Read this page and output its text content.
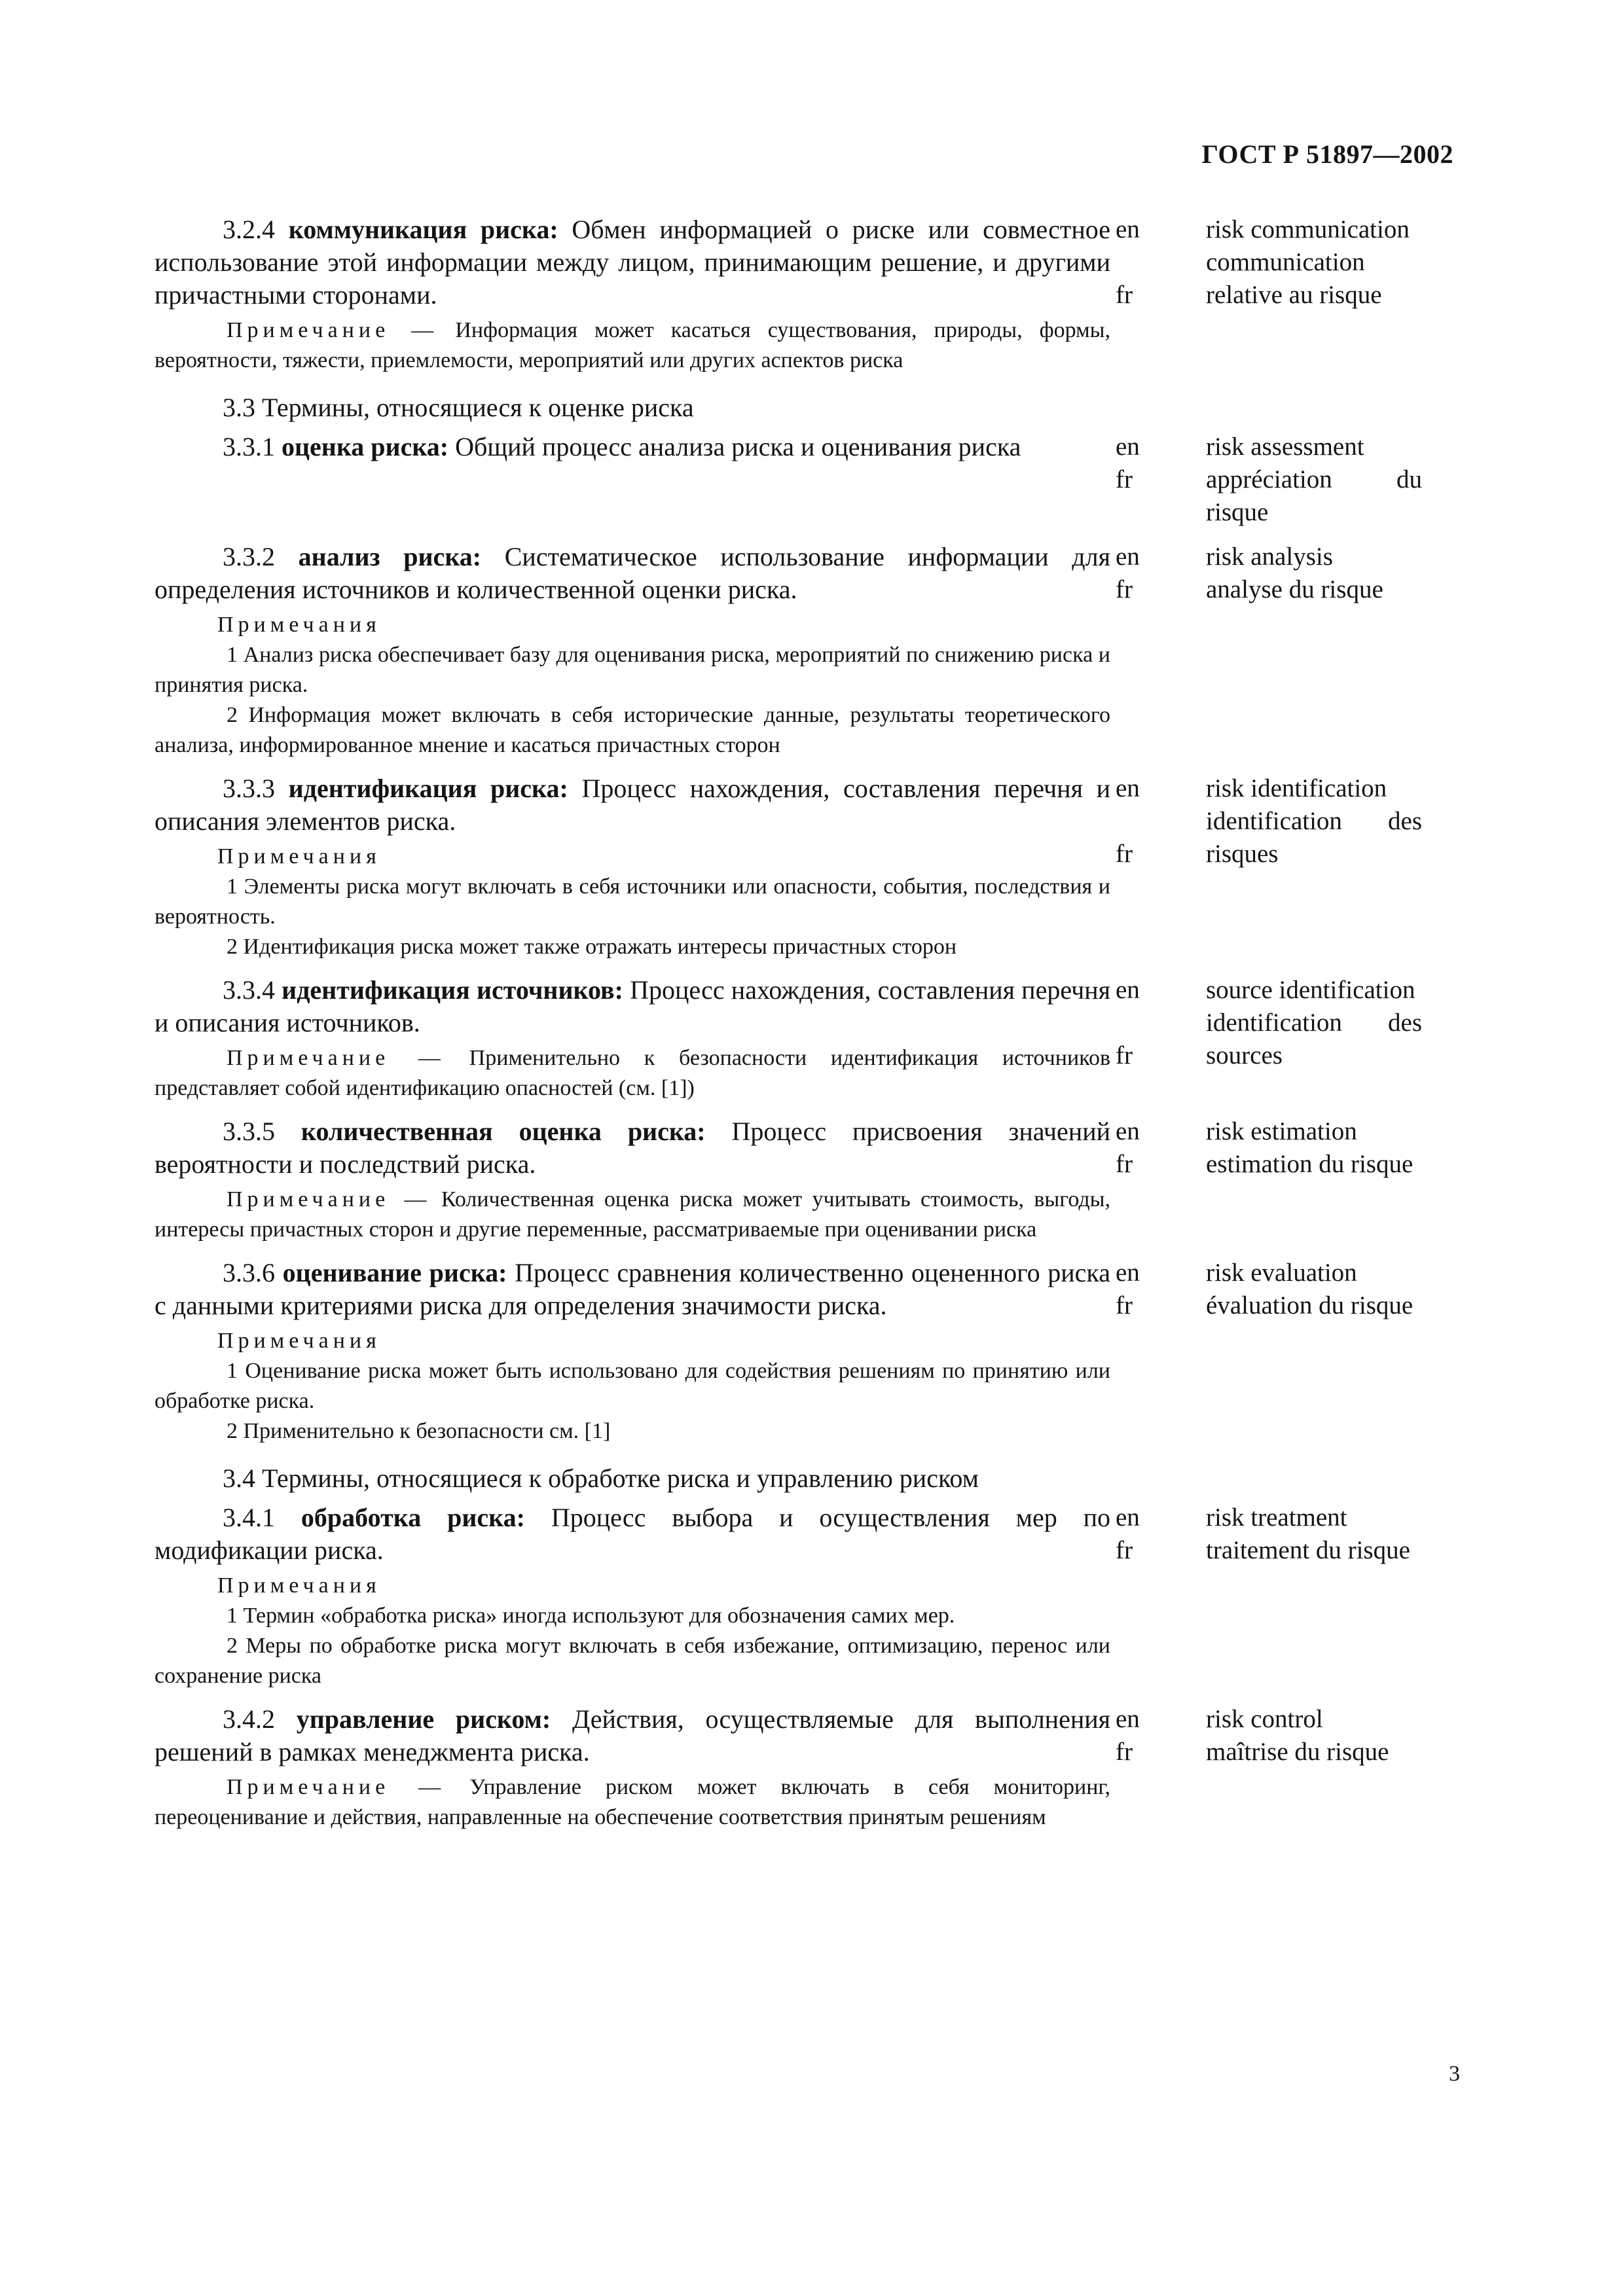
ГОСТ Р 51897—2002
3.2.4 коммуникация риска: Обмен информацией о риске или совместное использование этой информации между лицом, принимающим решение, и другими причастными сторонами.
Примечание — Информация может касаться существования, природы, формы, вероятности, тяжести, приемлемости, мероприятий или других аспектов риска
en
fr
risk communication
communication relative au risque
3.3 Термины, относящиеся к оценке риска
3.3.1 оценка риска: Общий процесс анализа риска и оценивания риска	en
fr
risk assessment
appréciation du risque
3.3.2 анализ риска: Систематическое использование информации для определения источников и количественной оценки риска.
Примечания
1 Анализ риска обеспечивает базу для оценивания риска, мероприятий по снижению риска и принятия риска.
2 Информация может включать в себя исторические данные, результаты теоретического анализа, информированное мнение и касаться причастных сторон
en
fr
risk analysis
analyse du risque
3.3.3 идентификация риска: Процесс нахождения, составления перечня и описания элементов риска.
Примечания
1 Элементы риска могут включать в себя источники или опасности, события, последствия и вероятность.
2 Идентификация риска может также отражать интересы причастных сторон
en
fr
risk identification
identification des risques
3.3.4 идентификация источников: Процесс нахождения, составления перечня и описания источников.
Примечание — Применительно к безопасности идентификация источников представляет собой идентификацию опасностей (см. [1])
en
fr
source identification
identification des sources
3.3.5 количественная оценка риска: Процесс присвоения значений вероятности и последствий риска.
Примечание — Количественная оценка риска может учитывать стоимость, выгоды, интересы причастных сторон и другие переменные, рассматриваемые при оценивании риска
en
fr
risk estimation
estimation du risque
3.3.6 оценивание риска: Процесс сравнения количественно оцененного риска с данными критериями риска для определения значимости риска.
Примечания
1 Оценивание риска может быть использовано для содействия решениям по принятию или обработке риска.
2 Применительно к безопасности см. [1]
en
fr
risk evaluation
évaluation du risque
3.4 Термины, относящиеся к обработке риска и управлению риском
3.4.1 обработка риска: Процесс выбора и осуществления мер по модификации риска.
Примечания
1 Термин «обработка риска» иногда используют для обозначения самих мер.
2 Меры по обработке риска могут включать в себя избежание, оптимизацию, перенос или сохранение риска
en
fr
risk treatment
traitement du risque
3.4.2 управление риском: Действия, осуществляемые для выполнения решений в рамках менеджмента риска.
Примечание — Управление риском может включать в себя мониторинг, переоценивание и действия, направленные на обеспечение соответствия принятым решениям
en
fr
risk control
maîtrise du risque
3
